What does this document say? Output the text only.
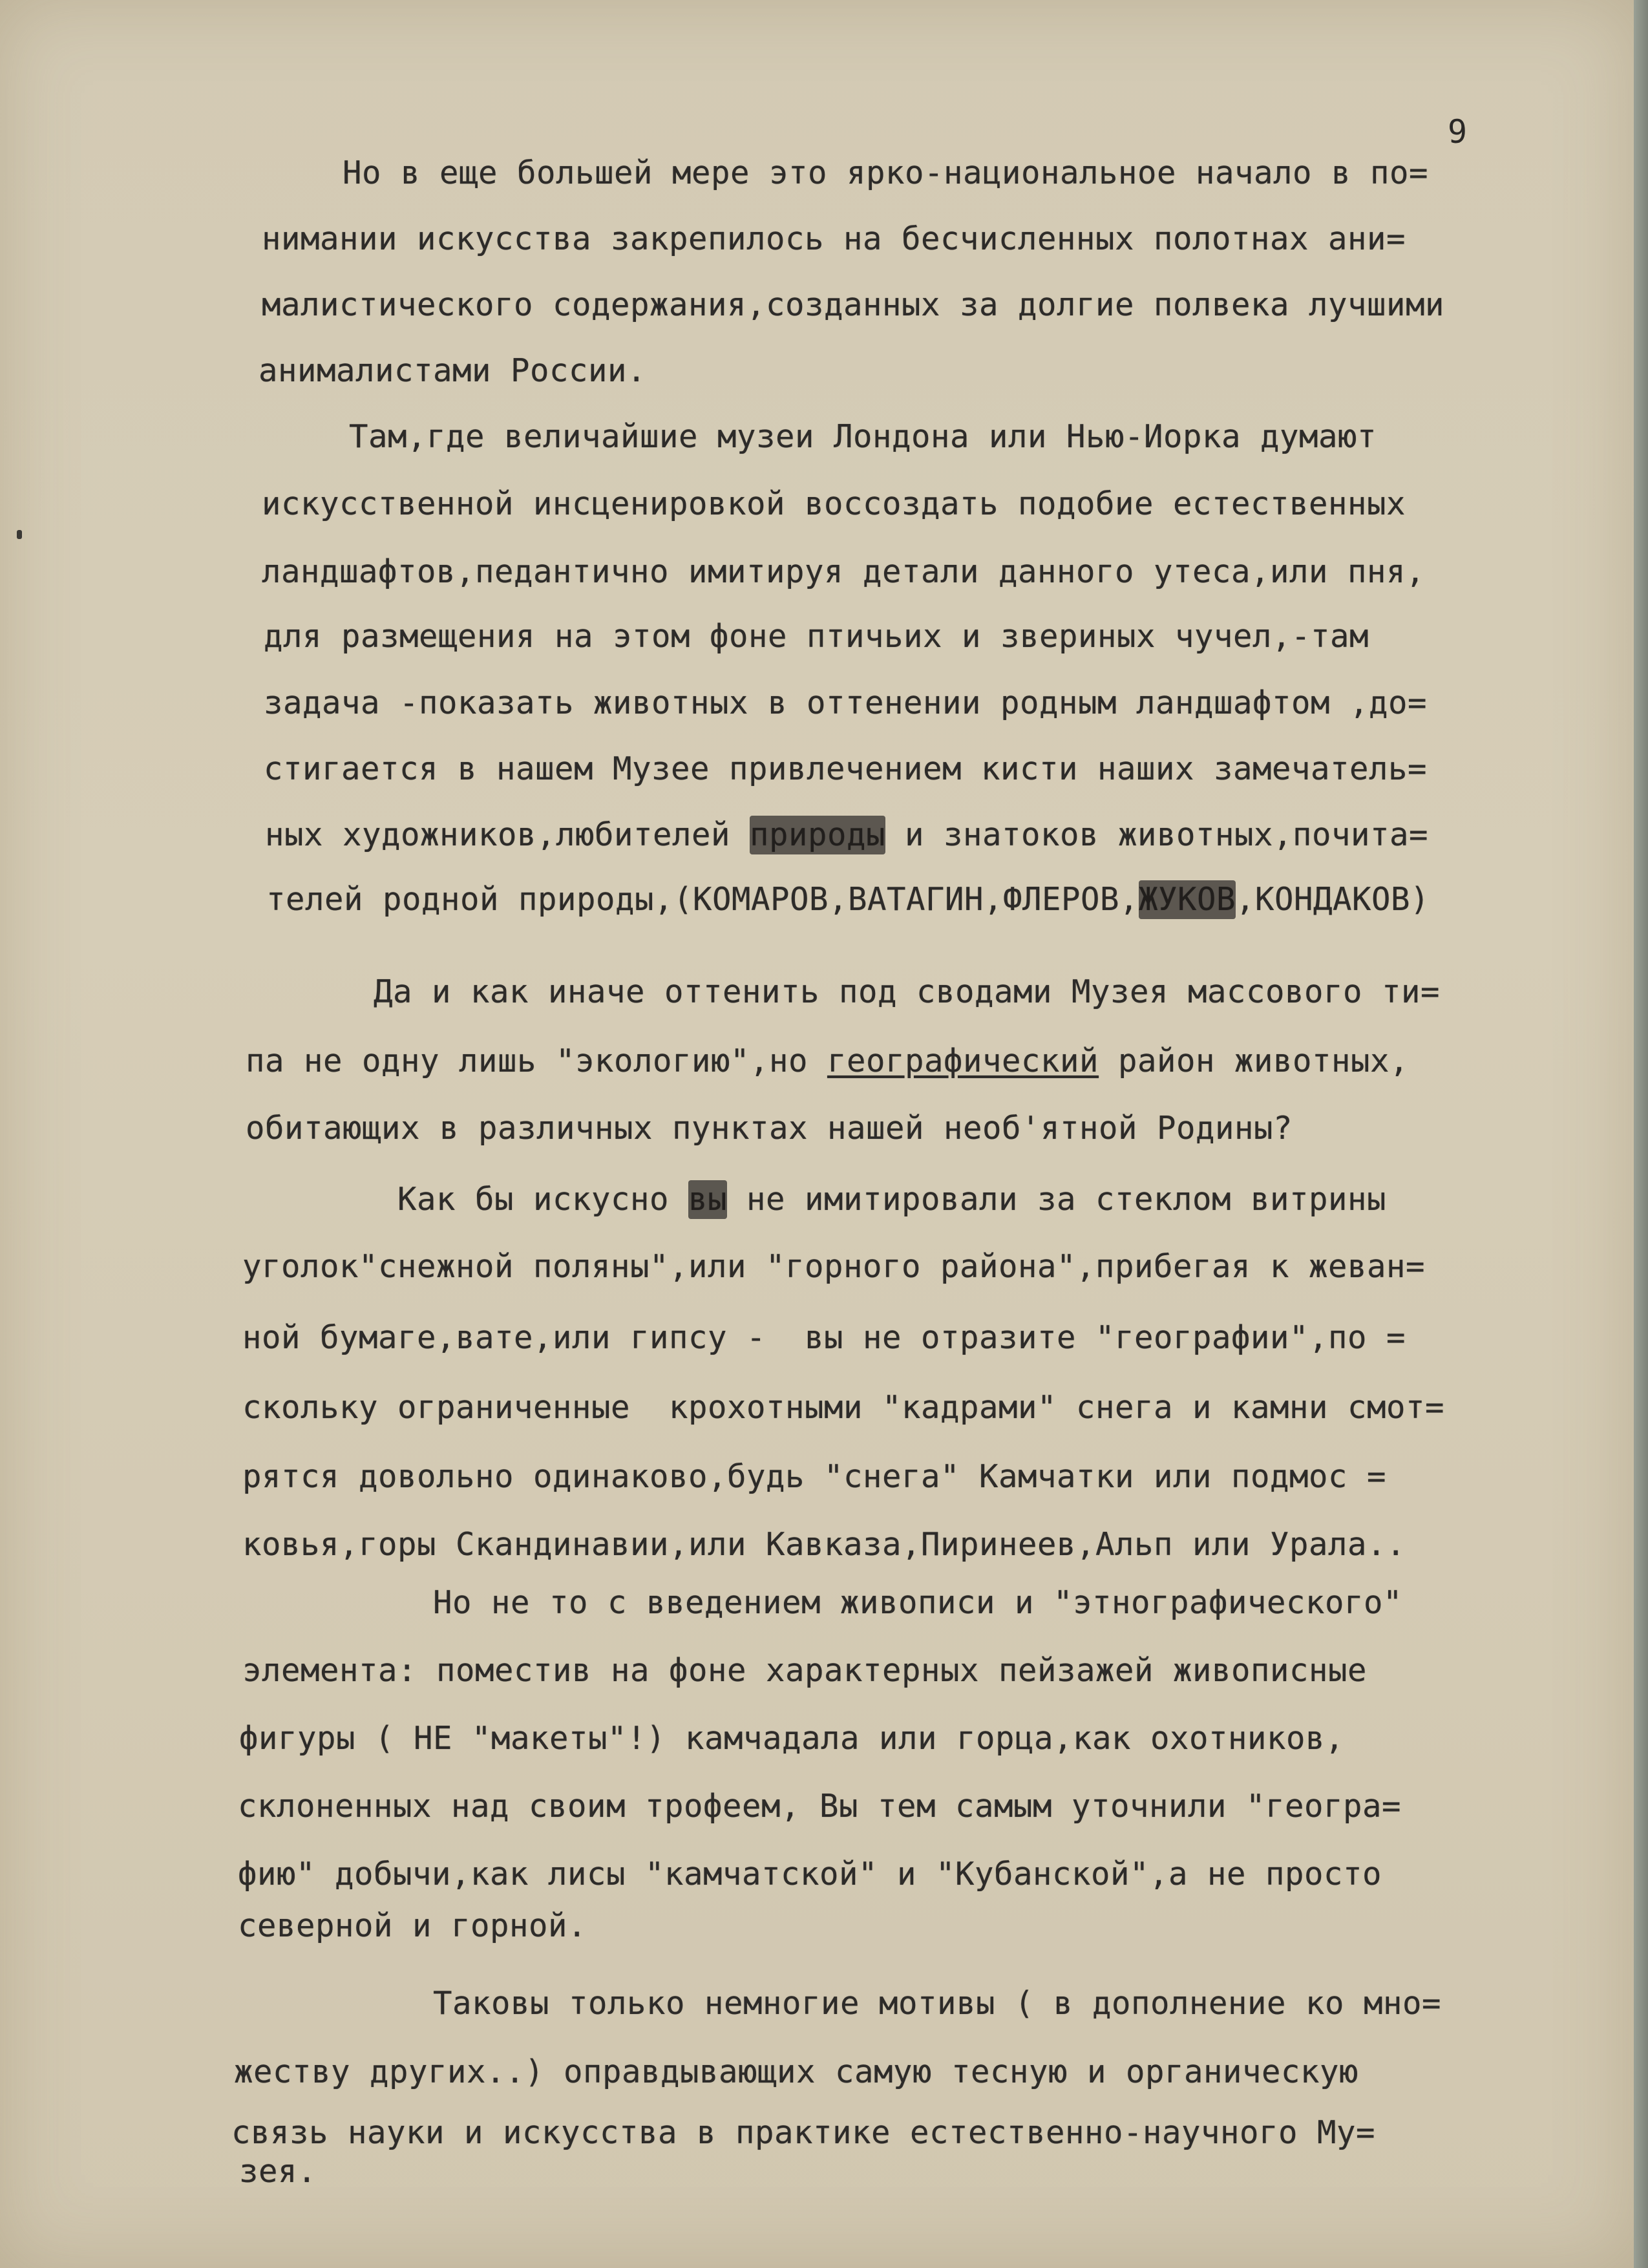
9
Но в еще большей мере это ярко-национальное начало в по=
нимании искусства закрепилось на бесчисленных полотнах ани=
малистического содержания,созданных за долгие полвека лучшими
анималистами России.
Там,где величайшие музеи Лондона или Нью-Иорка думают
искусственной инсценировкой воссоздать подобие естественных
ландшафтов,педантично имитируя детали данного утеса,или пня,
для размещения на этом фоне птичьих и звериных чучел,-там
задача -показать животных в оттенении родным ландшафтом ,до=
стигается в нашем Музее привлечением кисти наших замечатель=
ных художников,любителей природы и знатоков животных,почита=
телей родной природы,(КОМАРОВ,ВАТАГИН,ФЛЕРОВ,ЖУКОВ,КОНДАКОВ)
Да и как иначе оттенить под сводами Музея массового ти=
па не одну лишь "экологию",но географический район животных,
обитающих в различных пунктах нашей необ'ятной Родины?
Как бы искусно вы не имитировали за стеклом витрины
уголок"снежной поляны",или "горного района",прибегая к жеван=
ной бумаге,вате,или гипсу -  вы не отразите "географии",по =
скольку ограниченные  крохотными "кадрами" снега и камни смот=
рятся довольно одинаково,будь "снега" Камчатки или подмос =
ковья,горы Скандинавии,или Кавказа,Пиринеев,Альп или Урала..
Но не то с введением живописи и "этнографического"
элемента: поместив на фоне характерных пейзажей живописные
фигуры ( НЕ "макеты"!) камчадала или горца,как охотников,
склоненных над своим трофеем, Вы тем самым уточнили "геогра=
фию" добычи,как лисы "камчатской" и "Кубанской",а не просто
северной и горной.
Таковы только немногие мотивы ( в дополнение ко мно=
жеству других..) оправдывающих самую тесную и органическую
связь науки и искусства в практике естественно-научного Му=
зея.
